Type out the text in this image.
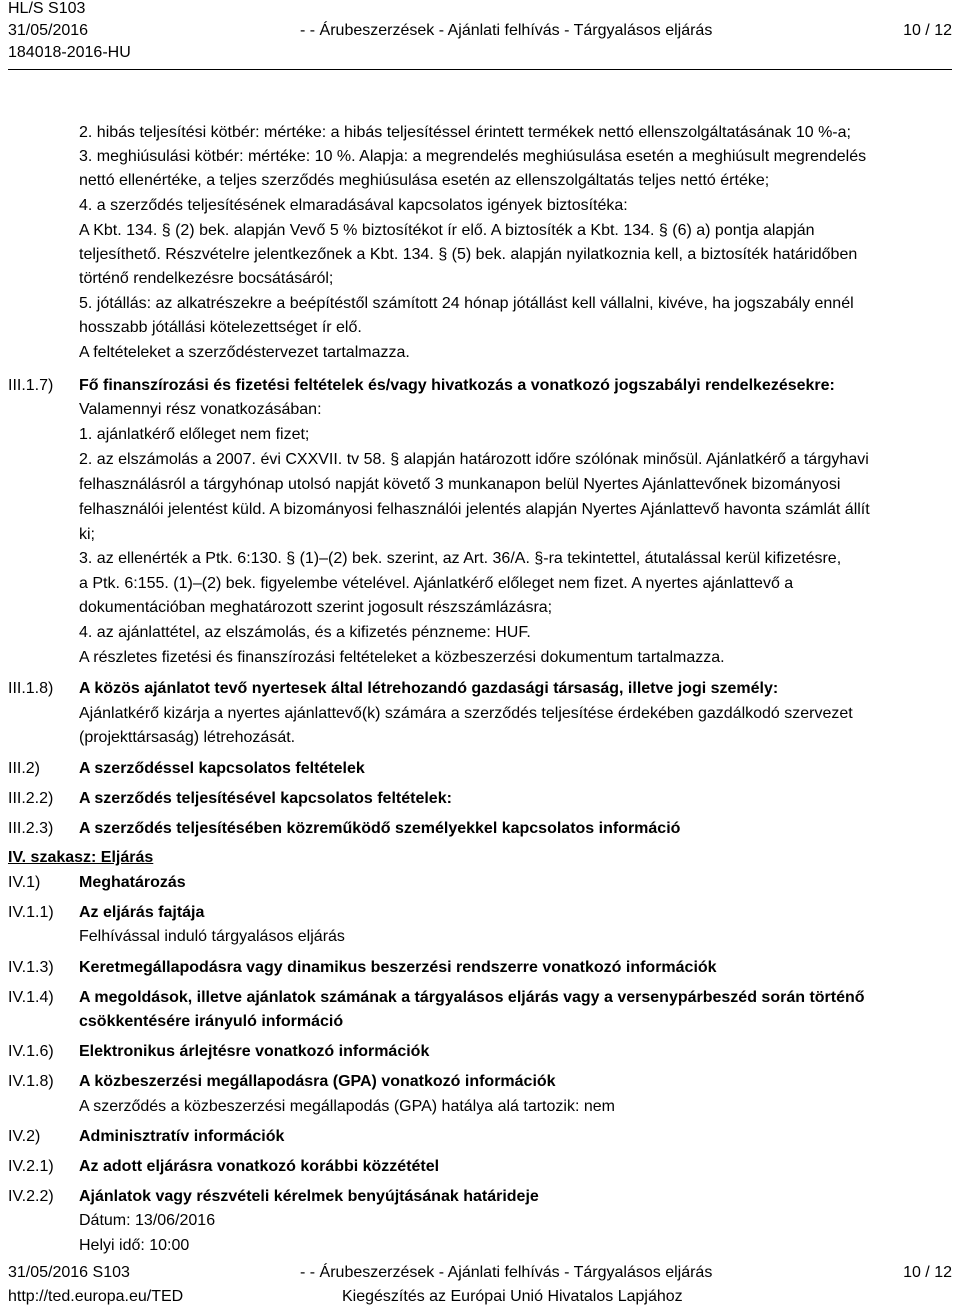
HL/S S103
31/05/2016
184018-2016-HU
- - Árubeszerzések - Ajánlati felhívás - Tárgyalásos eljárás	10 / 12
2. hibás teljesítési kötbér: mértéke: a hibás teljesítéssel érintett termékek nettó ellenszolgáltatásának 10 %-a;
3. meghiúsulási kötbér: mértéke: 10 %. Alapja: a megrendelés meghiúsulása esetén a meghiúsult megrendelés
nettó ellenértéke, a teljes szerződés meghiúsulása esetén az ellenszolgáltatás teljes nettó értéke;
4. a szerződés teljesítésének elmaradásával kapcsolatos igények biztosítéka:
A Kbt. 134. § (2) bek. alapján Vevő 5 % biztosítékot ír elő. A biztosíték a Kbt. 134. § (6) a) pontja alapján
teljesíthető. Részvételre jelentkezőnek a Kbt. 134. § (5) bek. alapján nyilatkoznia kell, a biztosíték határidőben
történő rendelkezésre bocsátásáról;
5. jótállás: az alkatrészekre a beépítéstől számított 24 hónap jótállást kell vállalni, kivéve, ha jogszabály ennél
hosszabb jótállási kötelezettséget ír elő.
A feltételeket a szerződéstervezet tartalmazza.
Fő finanszírozási és fizetési feltételek és/vagy hivatkozás a vonatkozó jogszabályi rendelkezésekre:
III.1.7)
Valamennyi rész vonatkozásában:
1. ajánlatkérő előleget nem fizet;
2. az elszámolás a 2007. évi CXXVII. tv 58. § alapján határozott időre szólónak minősül. Ajánlatkérő a tárgyhavi
felhasználásról a tárgyhónap utolsó napját követő 3 munkanapon belül Nyertes Ajánlattevőnek bizományosi
felhasználói jelentést küld. A bizományosi felhasználói jelentés alapján Nyertes Ajánlattevő havonta számlát állít
ki;
3. az ellenérték a Ptk. 6:130. § (1)–(2) bek. szerint, az Art. 36/A. §-ra tekintettel, átutalással kerül kifizetésre,
a Ptk. 6:155. (1)–(2) bek. figyelembe vételével. Ajánlatkérő előleget nem fizet. A nyertes ajánlattevő a
dokumentációban meghatározott szerint jogosult részszámlázásra;
4. az ajánlattétel, az elszámolás, és a kifizetés pénzneme: HUF.
A részletes fizetési és finanszírozási feltételeket a közbeszerzési dokumentum tartalmazza.
A közös ajánlatot tevő nyertesek által létrehozandó gazdasági társaság, illetve jogi személy:
III.1.8)
Ajánlatkérő kizárja a nyertes ajánlattevő(k) számára a szerződés teljesítése érdekében gazdálkodó szervezet
(projekttársaság) létrehozását.
A szerződéssel kapcsolatos feltételek
III.2)
A szerződés teljesítésével kapcsolatos feltételek:
III.2.2)
A szerződés teljesítésében közreműködő személyekkel kapcsolatos információ
III.2.3)
Meghatározás
IV.1)
Az eljárás fajtája
IV.1.1)
Felhívással induló tárgyalásos eljárás
Keretmegállapodásra vagy dinamikus beszerzési rendszerre vonatkozó információk
IV.1.3)
A megoldások, illetve ajánlatok számának a tárgyalásos eljárás vagy a versenypárbeszéd során történő
IV.1.4)
csökkentésére irányuló információ
Elektronikus árlejtésre vonatkozó információk
IV.1.6)
A közbeszerzési megállapodásra (GPA) vonatkozó információk
IV.1.8)
A szerződés a közbeszerzési megállapodás (GPA) hatálya alá tartozik: nem
Adminisztratív információk
IV.2)
Az adott eljárásra vonatkozó korábbi közzététel
IV.2.1)
Ajánlatok vagy részvételi kérelmek benyújtásának határideje
IV.2.2)
Dátum: 13/06/2016
Helyi idő: 10:00
IV. szakasz: Eljárás
31/05/2016 S103
http://ted.europa.eu/TED
- - Árubeszerzések - Ajánlati felhívás - Tárgyalásos eljárás
Kiegészítés az Európai Unió Hivatalos Lapjához
10 / 12
